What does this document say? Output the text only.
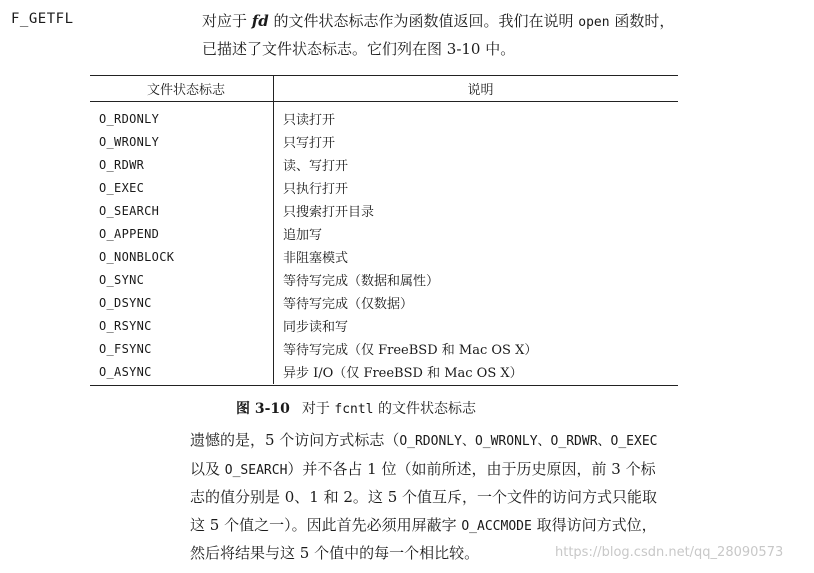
F_GETFL	对应于 fd 的文件状态标志作为函数值返回。我们在说明 open 函数时，
已描述了文件状态标志。它们列在图 3-10 中。
文件状态标志	说明
O_RDONLY	只读打开
O_WRONLY	只写打开
O_RDWR	读、写打开
O_EXEC	只执行打开
O_SEARCH	只搜索打开目录
O_APPEND	追加写
O_NONBLOCK	非阻塞模式
O_SYNC	等待写完成（数据和属性）
O_DSYNC	等待写完成（仅数据）
O_RSYNC	同步读和写
O_FSYNC	等待写完成（仅 FreeBSD 和 Mac OS X）
O_ASYNC	异步 I/O（仅 FreeBSD 和 Mac OS X）
图 3-10 对于 fcntl 的文件状态标志
遗憾的是，5 个访问方式标志（O_RDONLY、O_WRONLY、O_RDWR、O_EXEC
以及 O_SEARCH）并不各占 1 位（如前所述，由于历史原因，前 3 个标
志的值分别是 0、1 和 2。这 5 个值互斥，一个文件的访问方式只能取
这 5 个值之一）。因此首先必须用屏蔽字 O_ACCMODE 取得访问方式位，
然后将结果与这 5 个值中的每一个相比较。	https://blog.csdn.net/qq_28090573
